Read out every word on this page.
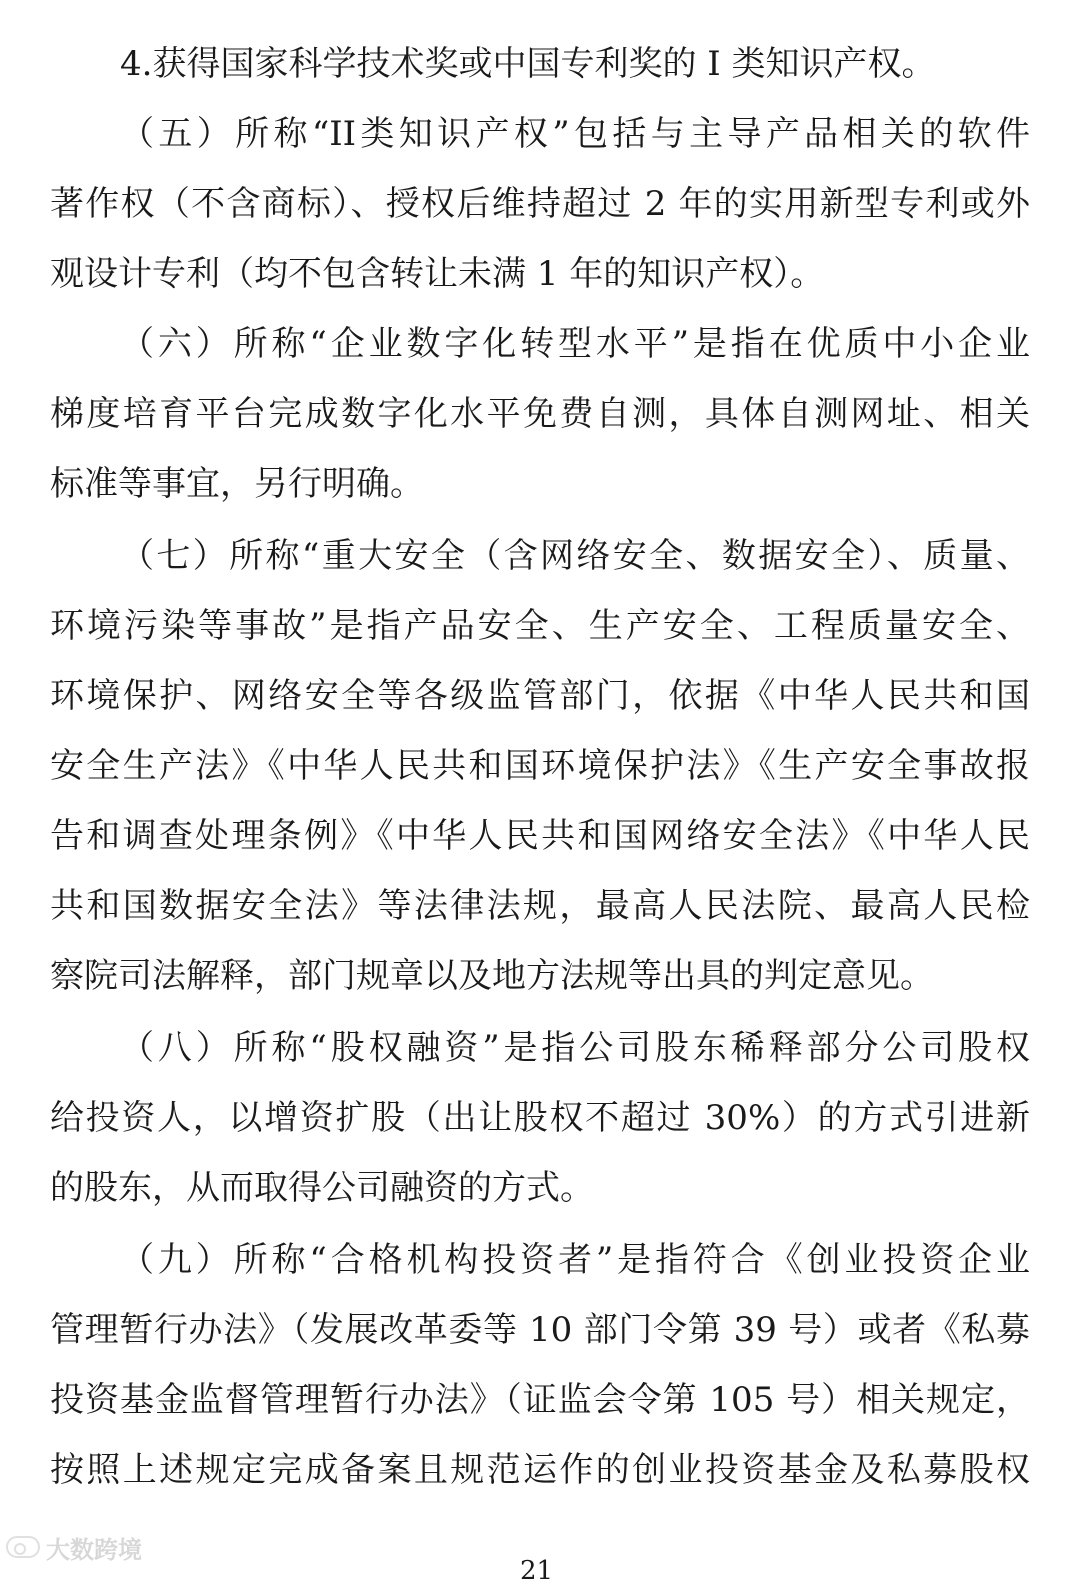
4.获得国家科学技术奖或中国专利奖的 I 类知识产权。
（五）所称“II类知识产权”包括与主导产品相关的软件
著作权（不含商标）、授权后维持超过 2 年的实用新型专利或外
观设计专利（均不包含转让未满 1 年的知识产权）。
（六）所称“企业数字化转型水平”是指在优质中小企业
梯度培育平台完成数字化水平免费自测，具体自测网址、相关
标准等事宜，另行明确。
（七）所称“重大安全（含网络安全、数据安全）、质量、
环境污染等事故”是指产品安全、生产安全、工程质量安全、
环境保护、网络安全等各级监管部门，依据《中华人民共和国
安全生产法》《中华人民共和国环境保护法》《生产安全事故报
告和调查处理条例》《中华人民共和国网络安全法》《中华人民
共和国数据安全法》等法律法规，最高人民法院、最高人民检
察院司法解释，部门规章以及地方法规等出具的判定意见。
（八）所称“股权融资”是指公司股东稀释部分公司股权
给投资人，以增资扩股（出让股权不超过 30%）的方式引进新
的股东，从而取得公司融资的方式。
（九）所称“合格机构投资者”是指符合《创业投资企业
管理暂行办法》（发展改革委等 10 部门令第 39 号）或者《私募
投资基金监督管理暂行办法》（证监会令第 105 号）相关规定，
按照上述规定完成备案且规范运作的创业投资基金及私募股权
大数跨境
21
